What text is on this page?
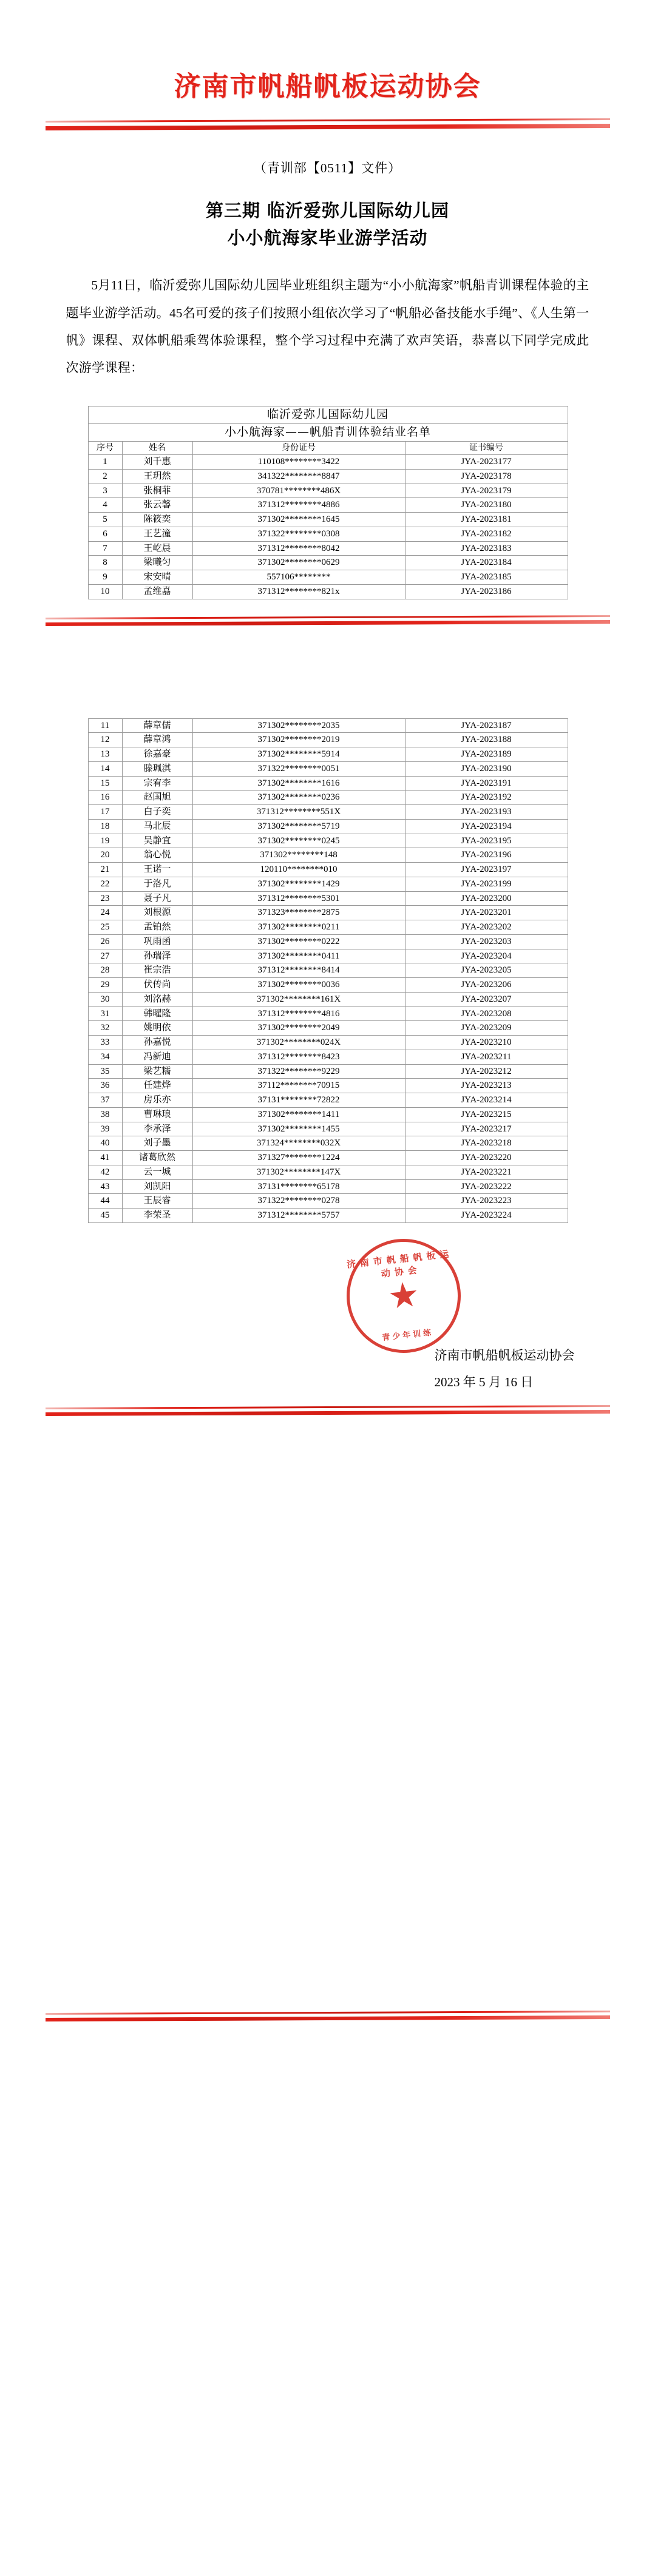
济南市帆船帆板运动协会
（青训部【0511】文件）
第三期 临沂爱弥儿国际幼儿园
小小航海家毕业游学活动

5月11日，临沂爱弥儿国际幼儿园毕业班组织主题为“小小航海家”帆船青训课程体验的主题毕业游学活动。45名可爱的孩子们按照小组依次学习了“帆船必备技能水手绳”、《人生第一帆》课程、双体帆船乘驾体验课程，整个学习过程中充满了欢声笑语，恭喜以下同学完成此次游学课程：

临沂爱弥儿国际幼儿园			
小小航海家——帆船青训体验结业名单			
序号	姓名	身份证号	证书编号
1	刘千惠	110108********3422	JYA-2023177
2	王玥然	341322********8847	JYA-2023178
3	张桐菲	370781********486X	JYA-2023179
4	张云馨	371312********4886	JYA-2023180
5	陈筱奕	371302********1645	JYA-2023181
6	王艺潼	371322********0308	JYA-2023182
7	王屹晨	371312********8042	JYA-2023183
8	梁曦匀	371302********0629	JYA-2023184
9	宋安晴	557106********	JYA-2023185
10	孟维嚞	371312********821x	JYA-2023186
11	薛章儒	371302********2035	JYA-2023187
12	薛章鸿	371302********2019	JYA-2023188
13	徐嘉豪	371302********5914	JYA-2023189
14	滕珮淇	371322********0051	JYA-2023190
15	宗宥李	371302********1616	JYA-2023191
16	赵国旭	371302********0236	JYA-2023192
17	白子奕	371312********551X	JYA-2023193
18	马北辰	371302********5719	JYA-2023194
19	吴静宜	371302********0245	JYA-2023195
20	翁心悦	371302********148	JYA-2023196
21	王诺一	120110********010	JYA-2023197
22	于洛凡	371302********1429	JYA-2023199
23	聂子凡	371312********5301	JYA-2023200
24	刘根源	371323********2875	JYA-2023201
25	孟铂然	371302********0211	JYA-2023202
26	巩雨函	371302********0222	JYA-2023203
27	孙瑞泽	371302********0411	JYA-2023204
28	崔宗浩	371312********8414	JYA-2023205
29	伏传尚	371302********0036	JYA-2023206
30	刘洺赫	371302********161X	JYA-2023207
31	韩曜隆	371312********4816	JYA-2023208
32	姚明依	371302********2049	JYA-2023209
33	孙嘉悦	371302********024X	JYA-2023210
34	冯新迪	371312********8423	JYA-2023211
35	梁艺糯	371322********9229	JYA-2023212
36	任建烨	37112********70915	JYA-2023213
37	房乐亦	37131********72822	JYA-2023214
38	曹琳琅	371302********1411	JYA-2023215
39	李承泽	371302********1455	JYA-2023217
40	刘子墨	371324********032X	JYA-2023218
41	诸葛欣然	371327********1224	JYA-2023220
42	云一城	371302********147X	JYA-2023221
43	刘凯阳	37131********65178	JYA-2023222
44	王辰睿	371322********0278	JYA-2023223
45	李荣圣	371312********5757	JYA-2023224
济南市帆船帆板运动协会
青少年训练
济南市帆船帆板运动协会
2023 年 5 月 16 日
